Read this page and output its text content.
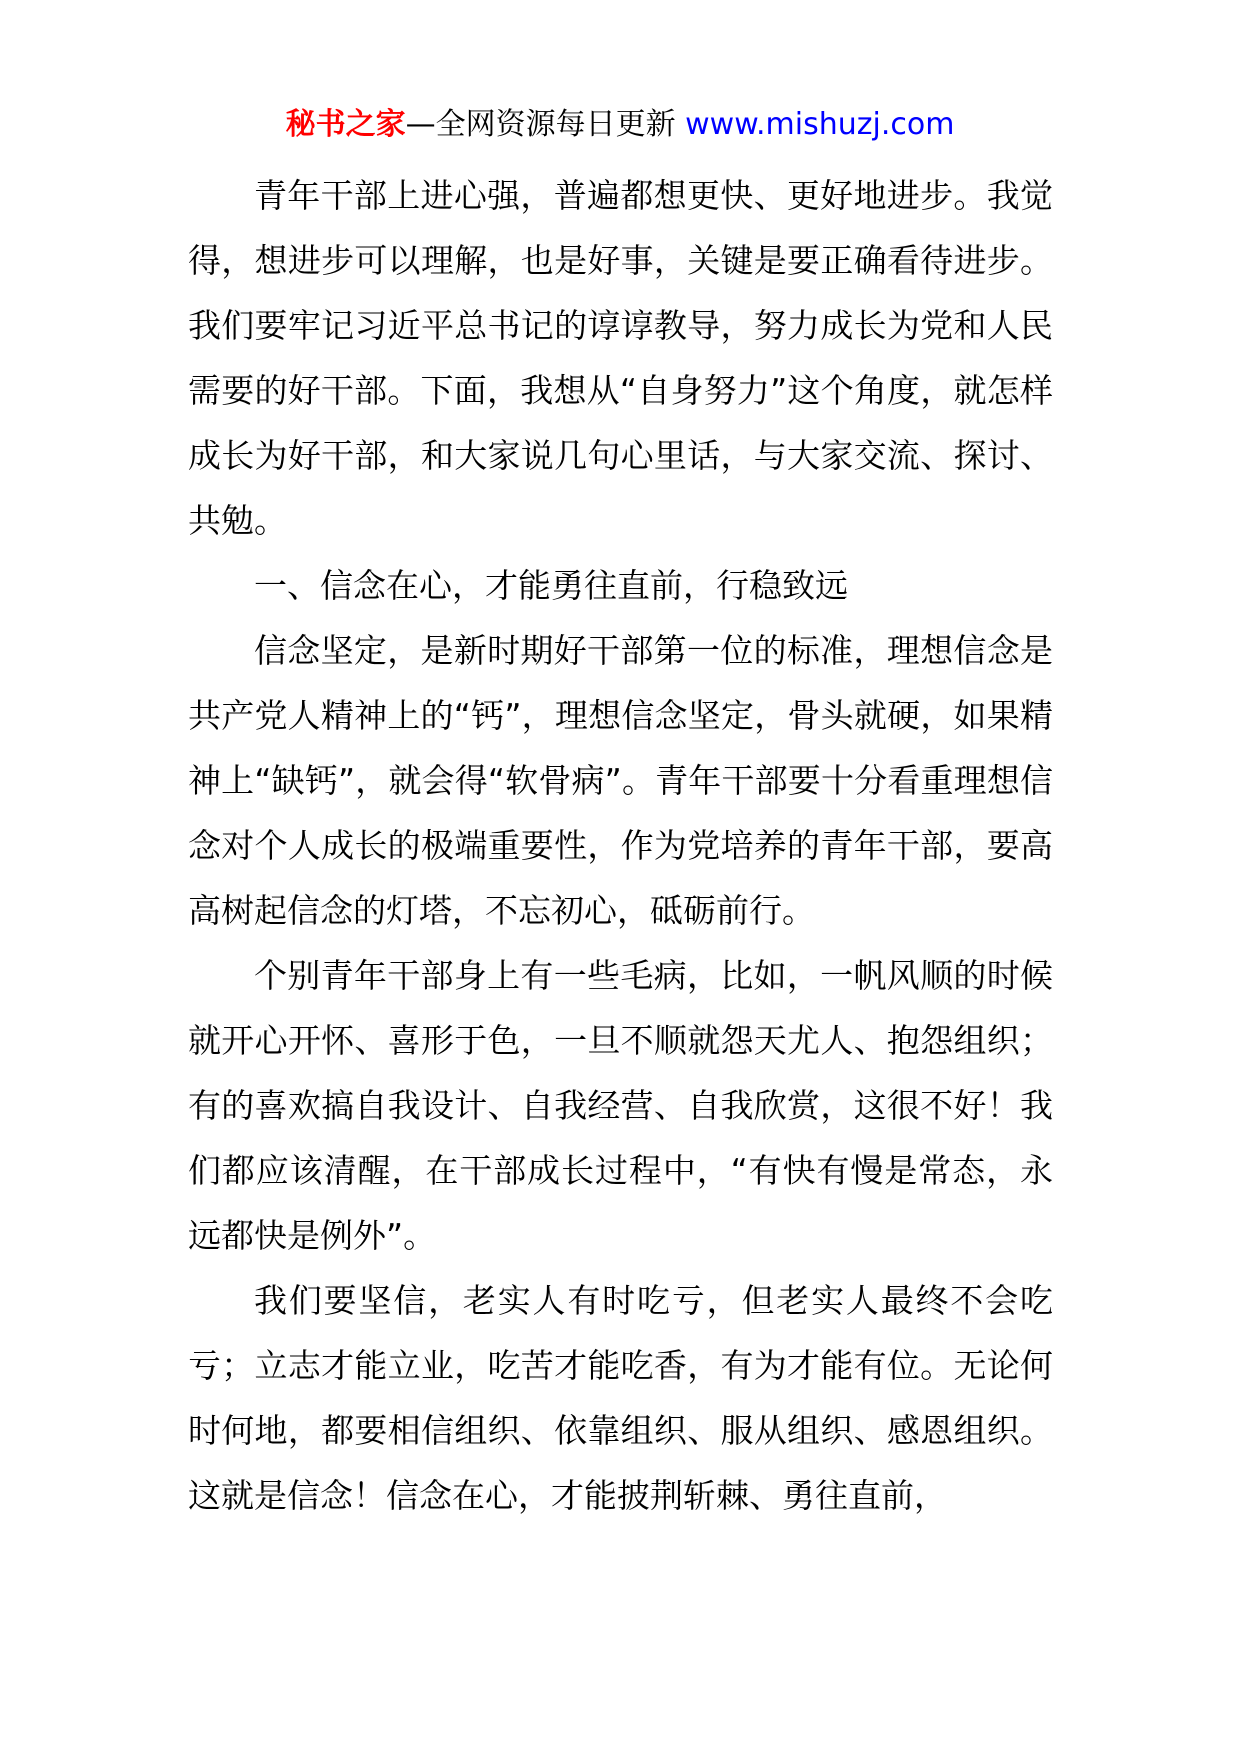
秘书之家—全网资源每日更新 www.mishuzj.com

青年干部上进心强，普遍都想更快、更好地进步。我觉得，想进步可以理解，也是好事，关键是要正确看待进步。我们要牢记习近平总书记的谆谆教导，努力成长为党和人民需要的好干部。下面，我想从“自身努力”这个角度，就怎样成长为好干部，和大家说几句心里话，与大家交流、探讨、共勉。

一、信念在心，才能勇往直前，行稳致远

信念坚定，是新时期好干部第一位的标准，理想信念是共产党人精神上的“钙”，理想信念坚定，骨头就硬，如果精神上“缺钙”，就会得“软骨病”。青年干部要十分看重理想信念对个人成长的极端重要性，作为党培养的青年干部，要高高树起信念的灯塔，不忘初心，砥砺前行。

个别青年干部身上有一些毛病，比如，一帆风顺的时候就开心开怀、喜形于色，一旦不顺就怨天尤人、抱怨组织；有的喜欢搞自我设计、自我经营、自我欣赏，这很不好！我们都应该清醒，在干部成长过程中，“有快有慢是常态，永远都快是例外”。

我们要坚信，老实人有时吃亏，但老实人最终不会吃亏；立志才能立业，吃苦才能吃香，有为才能有位。无论何时何地，都要相信组织、依靠组织、服从组织、感恩组织。这就是信念！信念在心，才能披荆斩棘、勇往直前，
